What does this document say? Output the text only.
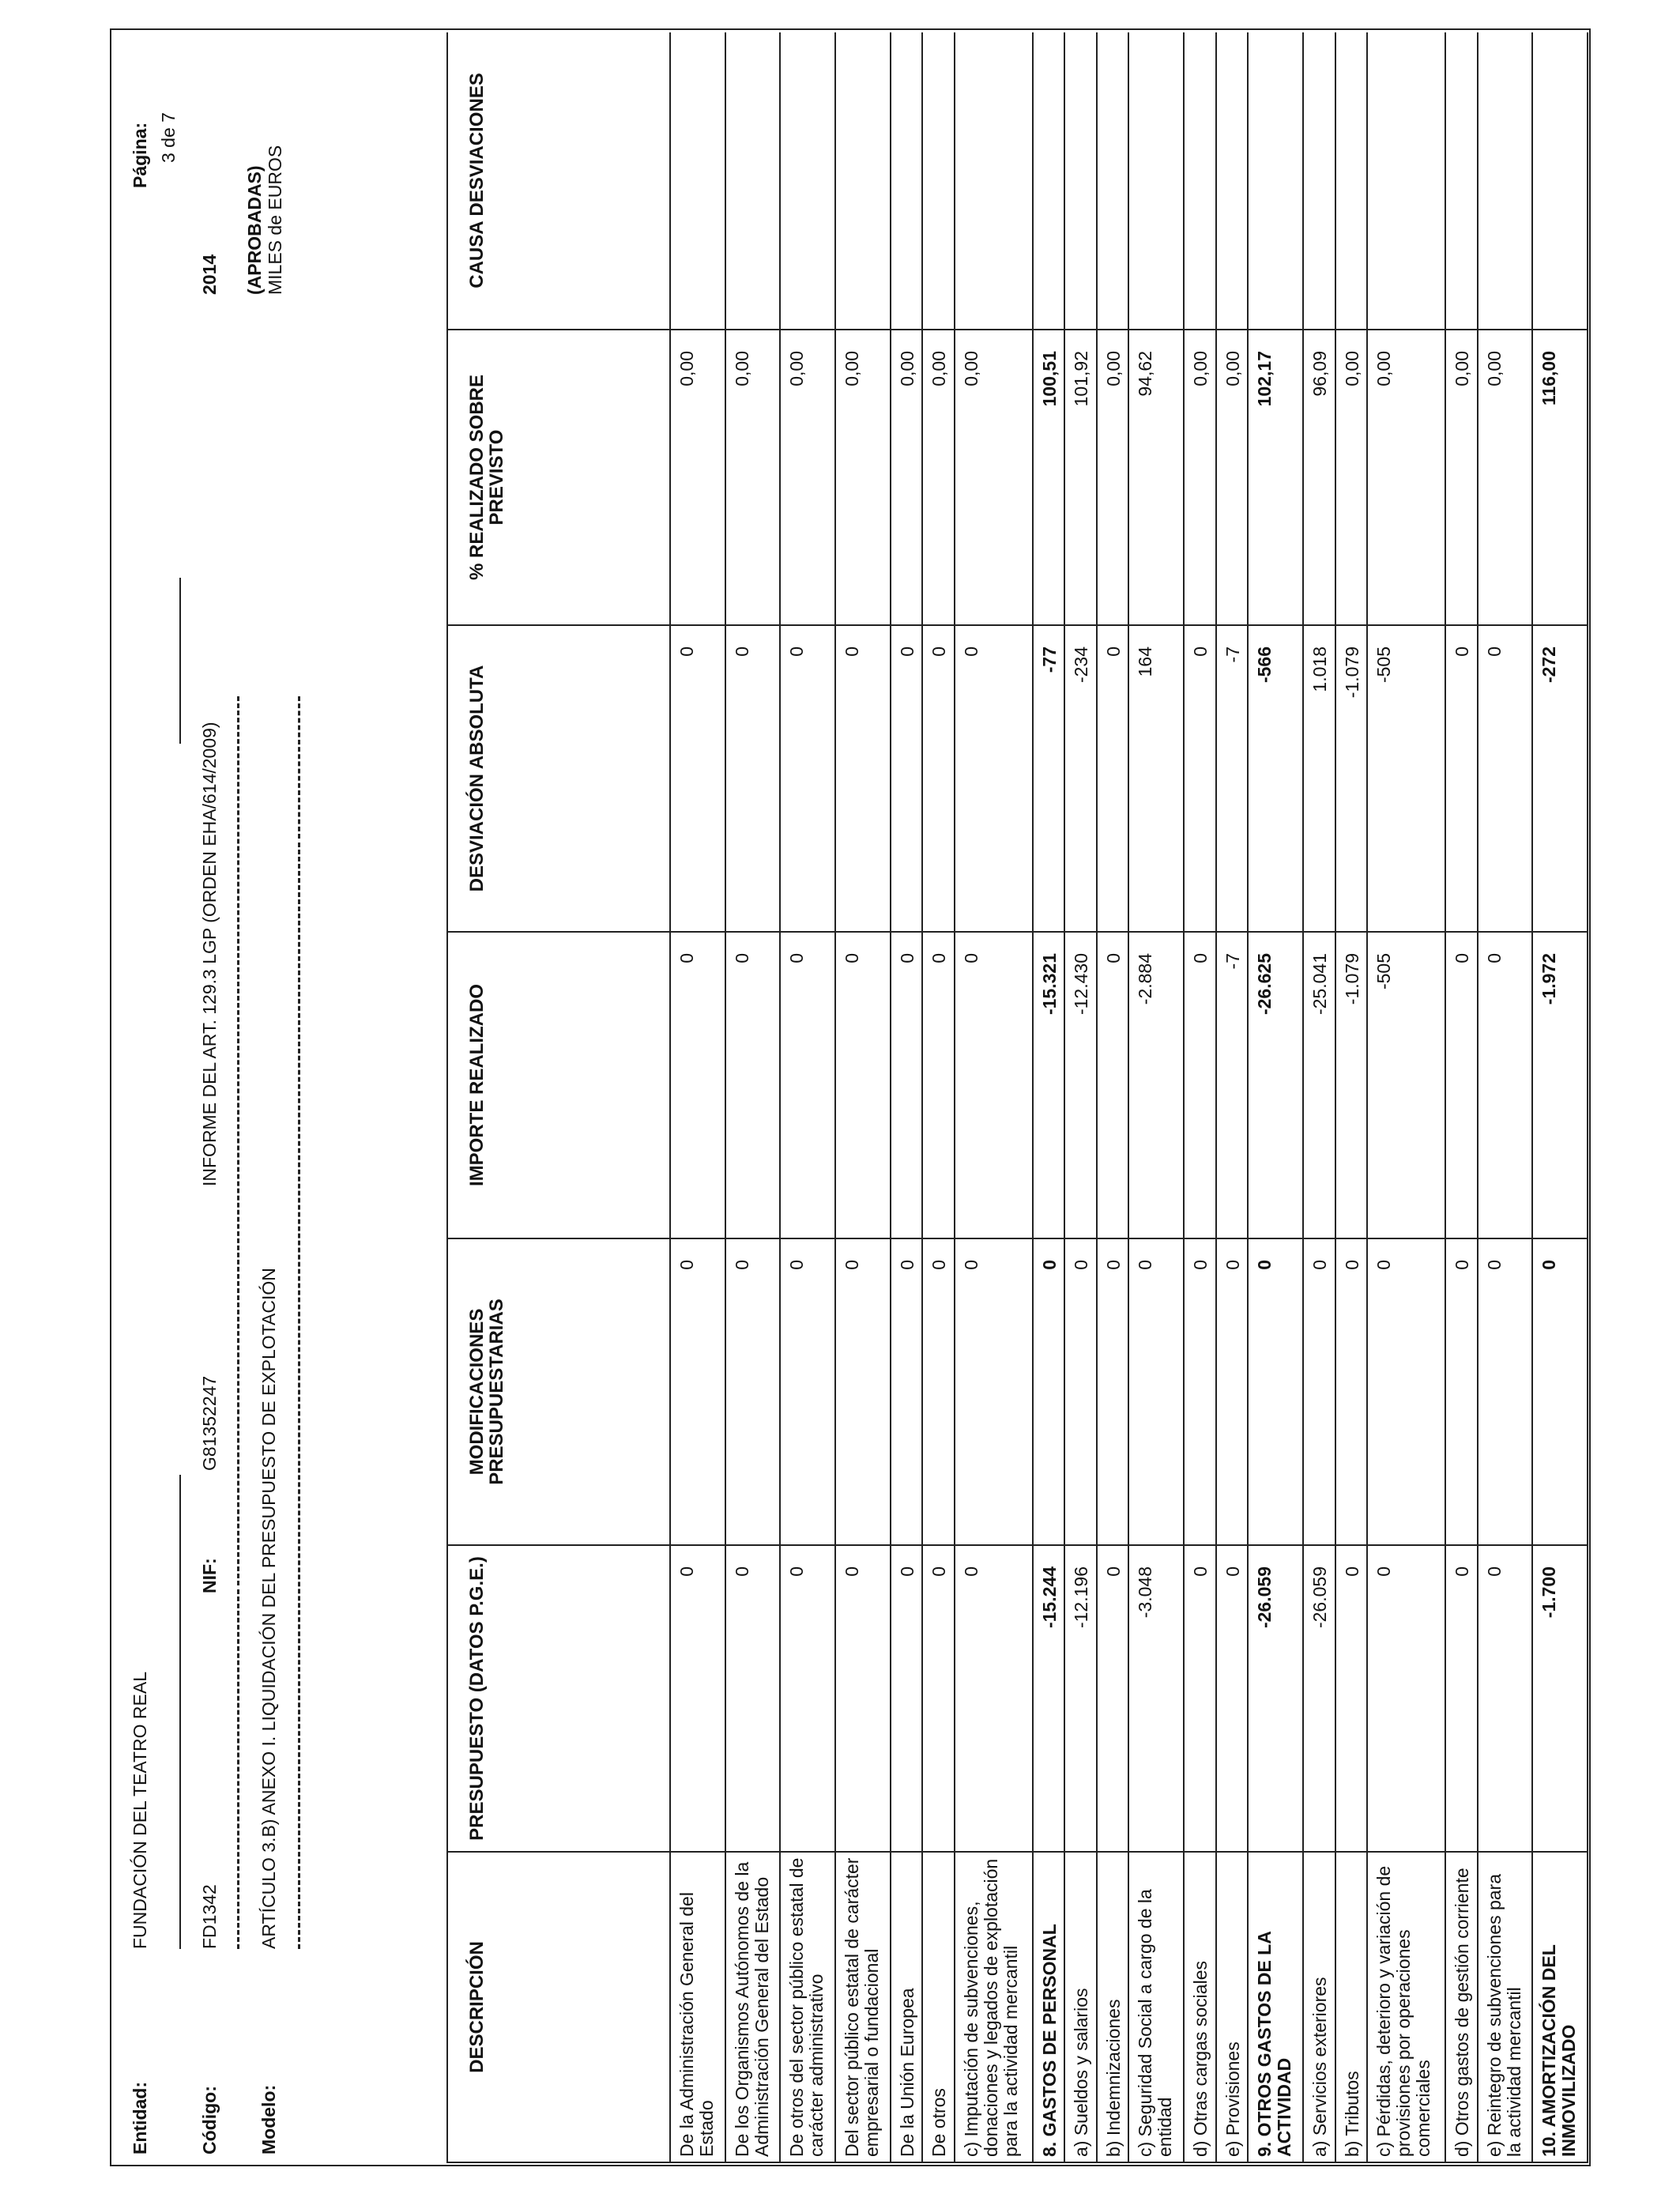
Entidad:
FUNDACIÓN DEL TEATRO REAL
Código:
FD1342
NIF:
G81352247
INFORME DEL ART. 129.3 LGP (ORDEN EHA/614/2009)
Modelo:
ARTÍCULO 3.B) ANEXO I. LIQUIDACIÓN DEL PRESUPUESTO DE EXPLOTACIÓN
Página: 3 de 7
2014 (APROBADAS) MILES de EUROS
DESCRIPCIÓN	PRESUPUESTO (DATOS P.G.E.)	MODIFICACIONES PRESUPUESTARIAS	IMPORTE REALIZADO	DESVIACIÓN ABSOLUTA	% REALIZADO SOBRE PREVISTO	CAUSA DESVIACIONES
De la Administración General del Estado	0	0	0	0	0,00	
De los Organismos Autónomos de la Administración General del Estado	0	0	0	0	0,00	
De otros del sector público estatal de carácter administrativo	0	0	0	0	0,00	
Del sector público estatal de carácter empresarial o fundacional	0	0	0	0	0,00	
De la Unión Europea	0	0	0	0	0,00	
De otros	0	0	0	0	0,00	
c) Imputación de subvenciones, donaciones y legados de explotación para la actividad mercantil	0	0	0	0	0,00	
8. GASTOS DE PERSONAL	-15.244	0	-15.321	-77	100,51	
a) Sueldos y salarios	-12.196	0	-12.430	-234	101,92	
b) Indemnizaciones	0	0	0	0	0,00	
c) Seguridad Social a cargo de la entidad	-3.048	0	-2.884	164	94,62	
d) Otras cargas sociales	0	0	0	0	0,00	
e) Provisiones	0	0	-7	-7	0,00	
9. OTROS GASTOS DE LA ACTIVIDAD	-26.059	0	-26.625	-566	102,17	
a) Servicios exteriores	-26.059	0	-25.041	1.018	96,09	
b) Tributos	0	0	-1.079	-1.079	0,00	
c) Pérdidas, deterioro y variación de provisiones por operaciones comerciales	0	0	-505	-505	0,00	
d) Otros gastos de gestión corriente	0	0	0	0	0,00	
e) Reintegro de subvenciones para la actividad mercantil	0	0	0	0	0,00	
10. AMORTIZACIÓN DEL INMOVILIZADO	-1.700	0	-1.972	-272	116,00	
